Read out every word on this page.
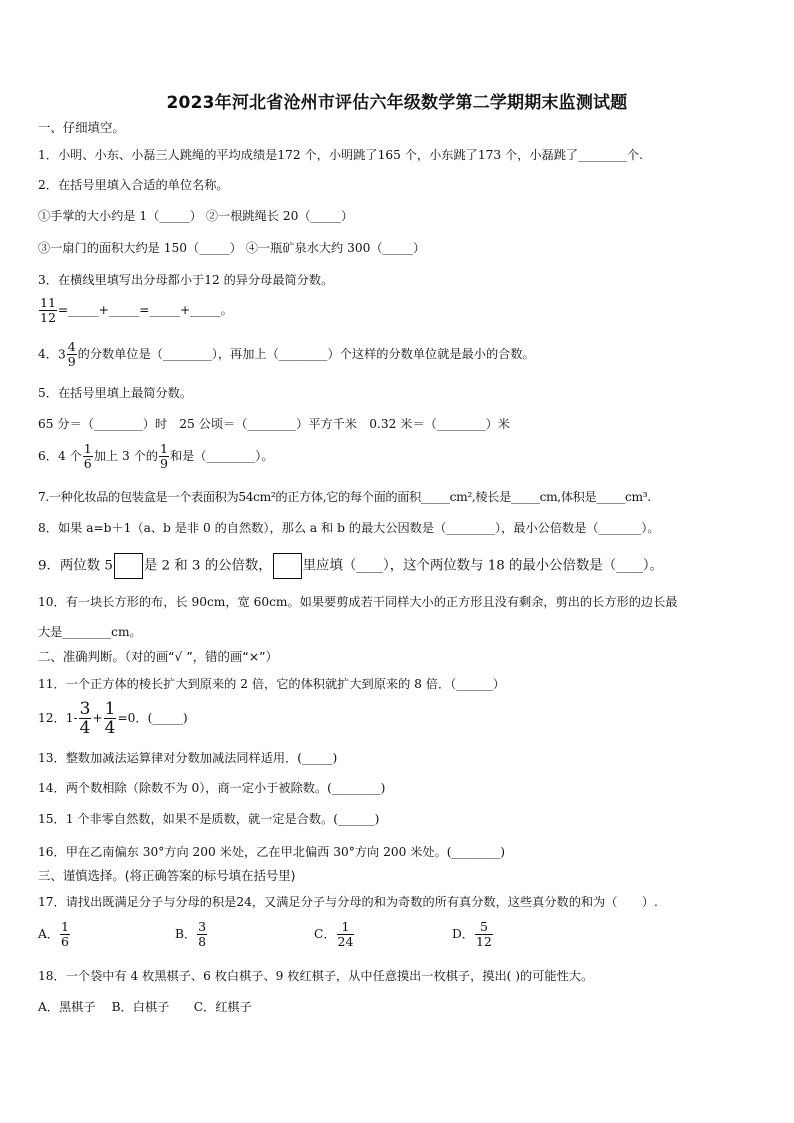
2023年河北省沧州市评估六年级数学第二学期期末监测试题
一、仔细填空。
1．小明、小东、小磊三人跳绳的平均成绩是172 个，小明跳了165 个，小东跳了173 个，小磊跳了________个.
2．在括号里填入合适的单位名称。
①手掌的大小约是 1（_____） ②一根跳绳长 20（_____）
③一扇门的面积大约是 150（_____） ④一瓶矿泉水大约 300（_____）
3．在横线里填写出分母都小于12 的异分母最简分数。
$\frac{11}{12}$ =_____+_____=_____+_____。
4．$3 \frac{4}{9}$ 的分数单位是（________），再加上（________）个这样的分数单位就是最小的合数。
5．在括号里填上最简分数。
65 分＝（________）时　25 公顷＝（________）平方千米　0.32 米＝（________）米
6．4 个 $\frac{1}{6}$ 加上 3 个的 $\frac{1}{9}$ 和是（________）。
7.一种化妆品的包装盒是一个表面积为54cm²的正方体,它的每个面的面积_____cm²,棱长是_____cm,体积是_____cm³.
8．如果 a=b＋1（a、b 是非 0 的自然数），那么 a 和 b 的最大公因数是（________），最小公倍数是（_______）。
9．两位数 5 是 2 和 3 的公倍数， 里应填（____），这个两位数与 18 的最小公倍数是（____）。
10．有一块长方形的布，长 90cm，宽 60cm。如果要剪成若干同样大小的正方形且没有剩余，剪出的长方形的边长最
大是________cm。
二、准确判断。（对的画“√ ”，错的画“×”）
11．一个正方体的棱长扩大到原来的 2 倍，它的体积就扩大到原来的 8 倍．（______）
12．$1- \frac{3}{4} + \frac{1}{4} =0$．(_____)
13．整数加减法运算律对分数加减法同样适用．(_____)
14．两个数相除（除数不为 0），商一定小于被除数。(________)
15．1 个非零自然数，如果不是质数，就一定是合数。(______)
16．甲在乙南偏东 30°方向 200 米处，乙在甲北偏西 30°方向 200 米处。(________)
三、谨慎选择。(将正确答案的标号填在括号里)
17．请找出既满足分子与分母的积是24，又满足分子与分母的和为奇数的所有真分数，这些真分数的和为（　　）.
A． $\frac{1}{6}$	B． $\frac{3}{8}$	C． $\frac{1}{24}$	D． $\frac{5}{12}$
18．一个袋中有 4 枚黑棋子、6 枚白棋子、9 枚红棋子，从中任意摸出一枚棋子，摸出( )的可能性大。
A．黑棋子　 B．白棋子　　C．红棋子
